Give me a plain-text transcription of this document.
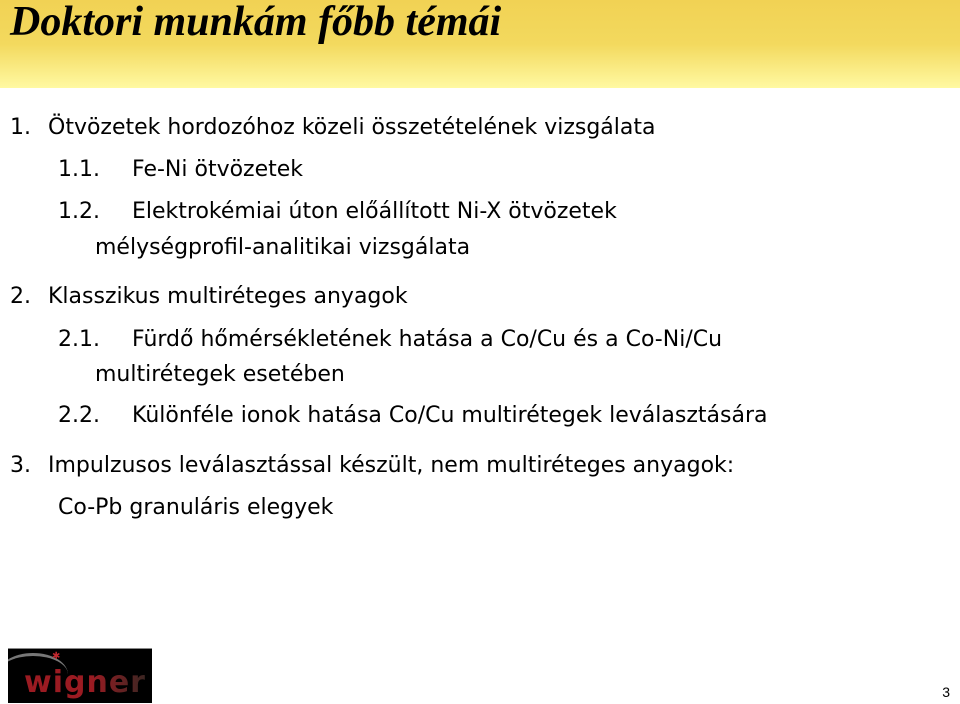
Doktori munkám főbb témái
1. Ötvözetek hordozóhoz közeli összetételének vizsgálata
1.1. Fe-Ni ötvözetek
1.2. Elektrokémiai úton előállított Ni-X ötvözetek
mélységprofil-analitikai vizsgálata
2. Klasszikus multiréteges anyagok
2.1. Fürdő hőmérsékletének hatása a Co/Cu és a Co-Ni/Cu
multirétegek esetében
2.2. Különféle ionok hatása Co/Cu multirétegek leválasztására
3. Impulzusos leválasztással készült, nem multiréteges anyagok:
Co-Pb granuláris elegyek
wigner
✱
3
